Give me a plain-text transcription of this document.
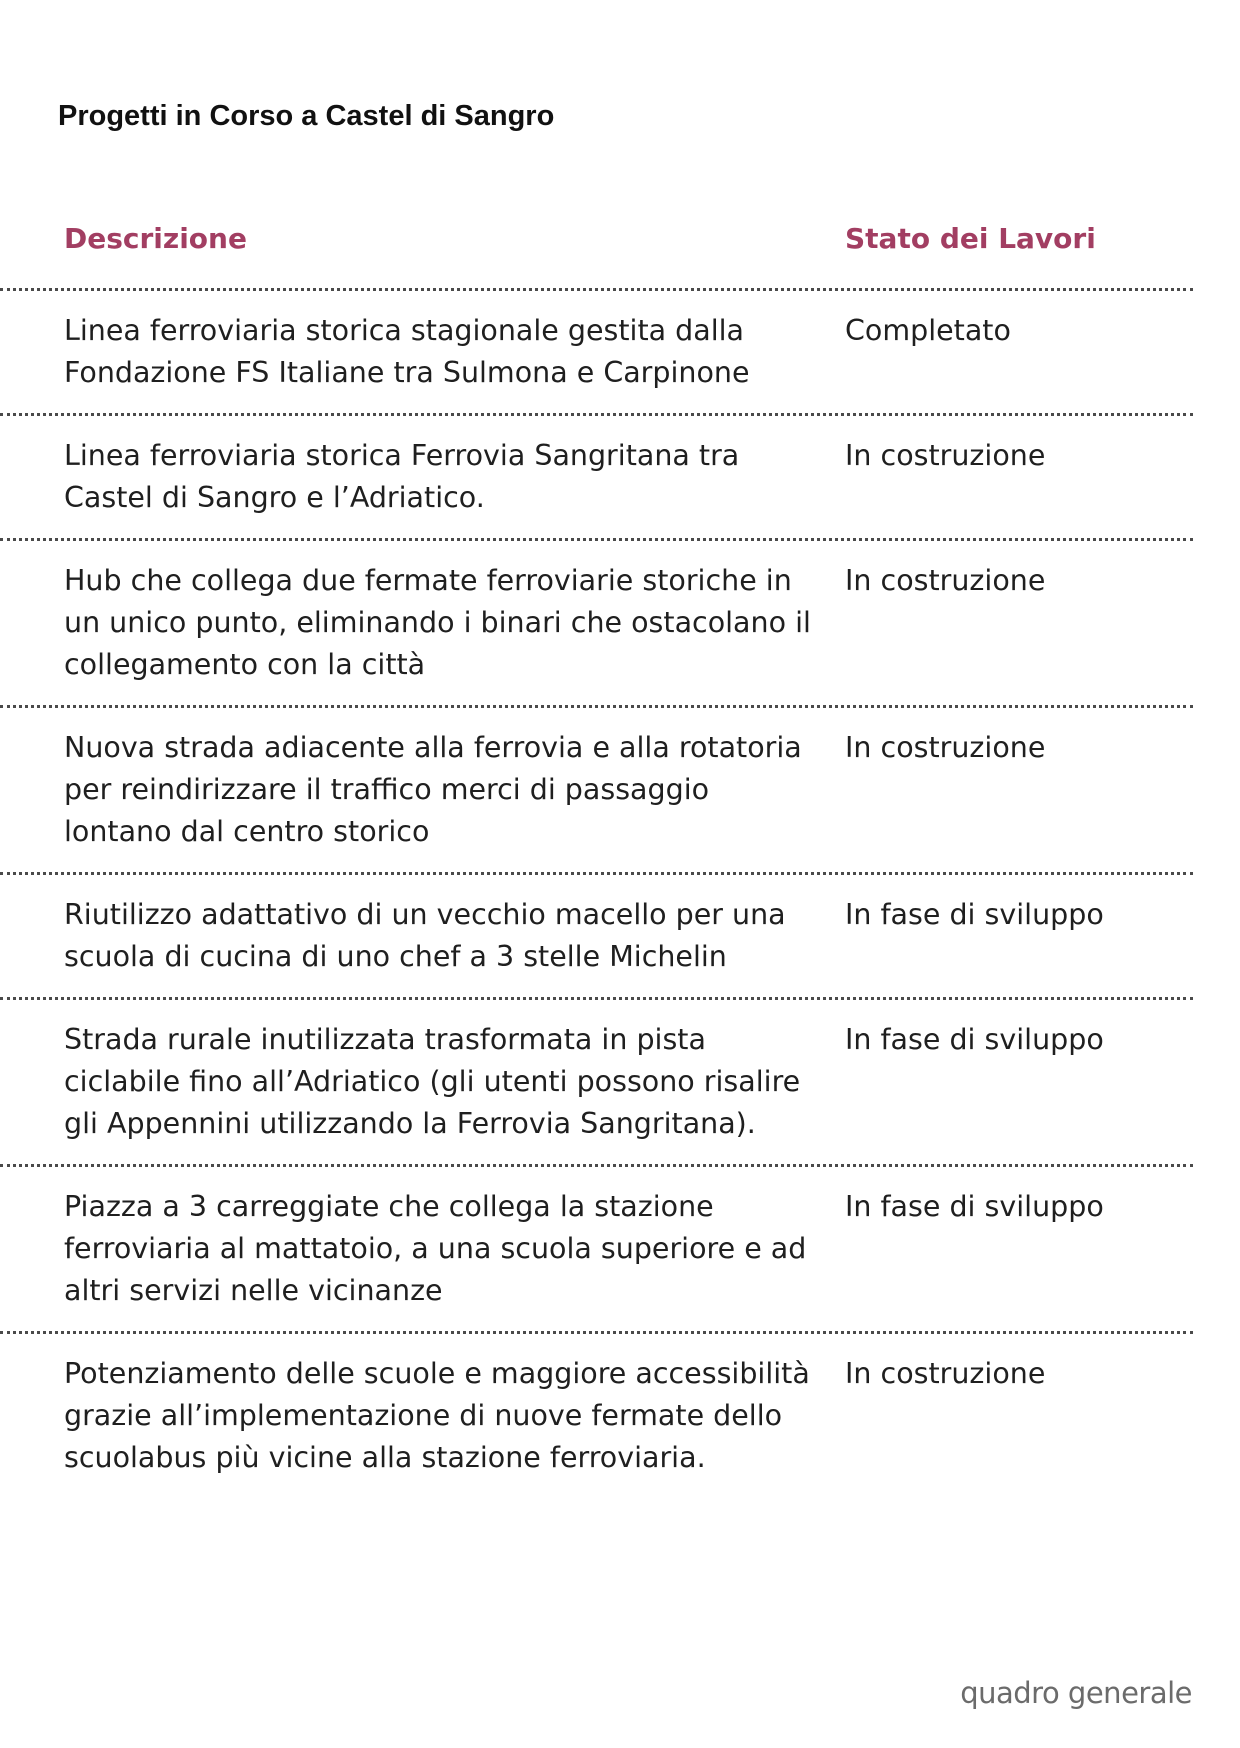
Progetti in Corso a Castel di Sangro
Descrizione	Stato dei Lavori
Linea ferroviaria storica stagionale gestita dalla Fondazione FS Italiane tra Sulmona e Carpinone
Completato
Linea ferroviaria storica Ferrovia Sangritana tra Castel di Sangro e l’Adriatico.
In costruzione
Hub che collega due fermate ferroviarie storiche in un unico punto, eliminando i binari che ostacolano il collegamento con la città
In costruzione
Nuova strada adiacente alla ferrovia e alla rotatoria per reindirizzare il traffico merci di passaggio lontano dal centro storico
In costruzione
Riutilizzo adattativo di un vecchio macello per una scuola di cucina di uno chef a 3 stelle Michelin
In fase di sviluppo
Strada rurale inutilizzata trasformata in pista ciclabile fino all’Adriatico (gli utenti possono risalire gli Appennini utilizzando la Ferrovia Sangritana).
In fase di sviluppo
Piazza a 3 carreggiate che collega la stazione ferroviaria al mattatoio, a una scuola superiore e ad altri servizi nelle vicinanze
In fase di sviluppo
Potenziamento delle scuole e maggiore accessibilità grazie all’implementazione di nuove fermate dello scuolabus più vicine alla stazione ferroviaria.
In costruzione
quadro generale
